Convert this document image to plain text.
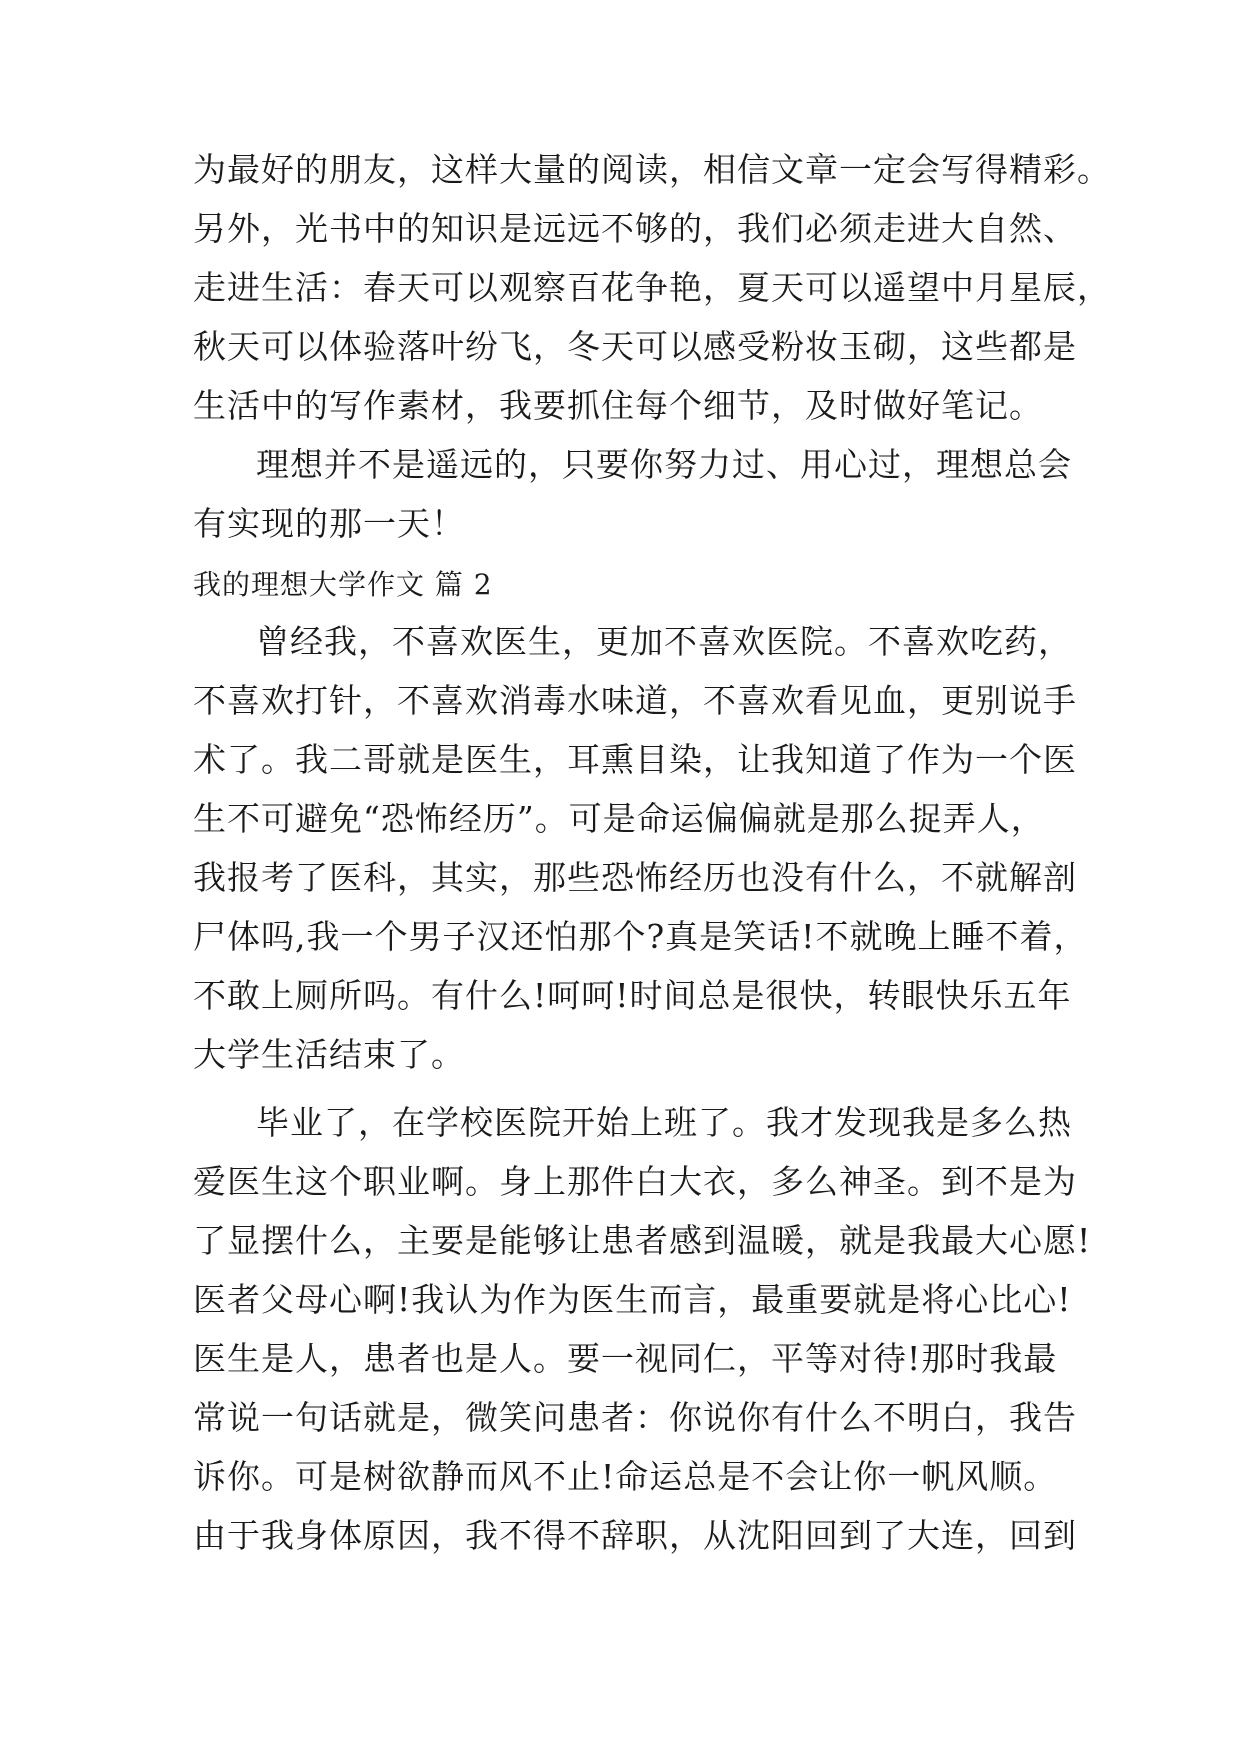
为最好的朋友，这样大量的阅读，相信文章一定会写得精彩。
另外，光书中的知识是远远不够的，我们必须走进大自然、
走进生活：春天可以观察百花争艳，夏天可以遥望中月星辰，
秋天可以体验落叶纷飞，冬天可以感受粉妆玉砌，这些都是
生活中的写作素材，我要抓住每个细节，及时做好笔记。
理想并不是遥远的，只要你努力过、用心过，理想总会
有实现的那一天！
我的理想大学作文 篇 2
曾经我，不喜欢医生，更加不喜欢医院。不喜欢吃药，
不喜欢打针，不喜欢消毒水味道，不喜欢看见血，更别说手
术了。我二哥就是医生，耳熏目染，让我知道了作为一个医
生不可避免“恐怖经历”。可是命运偏偏就是那么捉弄人，
我报考了医科，其实，那些恐怖经历也没有什么，不就解剖
尸体吗,我一个男子汉还怕那个?真是笑话!不就晚上睡不着，
不敢上厕所吗。有什么!呵呵!时间总是很快，转眼快乐五年
大学生活结束了。
毕业了，在学校医院开始上班了。我才发现我是多么热
爱医生这个职业啊。身上那件白大衣，多么神圣。到不是为
了显摆什么，主要是能够让患者感到温暖，就是我最大心愿!
医者父母心啊!我认为作为医生而言，最重要就是将心比心!
医生是人，患者也是人。要一视同仁，平等对待!那时我最
常说一句话就是，微笑问患者：你说你有什么不明白，我告
诉你。可是树欲静而风不止!命运总是不会让你一帆风顺。
由于我身体原因，我不得不辞职，从沈阳回到了大连，回到
